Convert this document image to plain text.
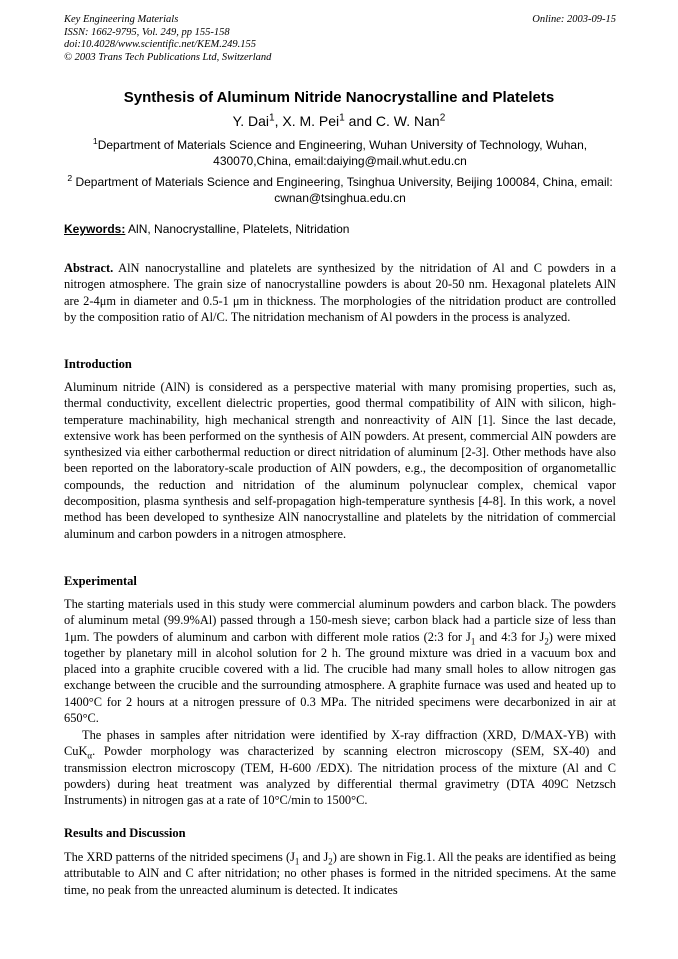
Key Engineering Materials
ISSN: 1662-9795, Vol. 249, pp 155-158
doi:10.4028/www.scientific.net/KEM.249.155
© 2003 Trans Tech Publications Ltd, Switzerland
Online: 2003-09-15
Synthesis of Aluminum Nitride Nanocrystalline and Platelets
Y. Dai$^1$, X. M. Pei$^1$ and C. W. Nan$^2$
$^1$Department of Materials Science and Engineering, Wuhan University of Technology, Wuhan, 430070,China, email:daiying@mail.whut.edu.cn
$^2$ Department of Materials Science and Engineering, Tsinghua University, Beijing 100084, China, email: cwnan@tsinghua.edu.cn
Keywords: AlN, Nanocrystalline, Platelets, Nitridation
Abstract. AlN nanocrystalline and platelets are synthesized by the nitridation of Al and C powders in a nitrogen atmosphere. The grain size of nanocrystalline powders is about 20-50 nm. Hexagonal platelets AlN are 2-4μm in diameter and 0.5-1 μm in thickness. The morphologies of the nitridation product are controlled by the composition ratio of Al/C. The nitridation mechanism of Al powders in the process is analyzed.
Introduction
Aluminum nitride (AlN) is considered as a perspective material with many promising properties, such as, thermal conductivity, excellent dielectric properties, good thermal compatibility of AlN with silicon, high-temperature machinability, high mechanical strength and nonreactivity of AlN [1]. Since the last decade, extensive work has been performed on the synthesis of AlN powders. At present, commercial AlN powders are synthesized via either carbothermal reduction or direct nitridation of aluminum [2-3]. Other methods have also been reported on the laboratory-scale production of AlN powders, e.g., the decomposition of organometallic compounds, the reduction and nitridation of the aluminum polynuclear complex, chemical vapor decomposition, plasma synthesis and self-propagation high-temperature synthesis [4-8]. In this work, a novel method has been developed to synthesize AlN nanocrystalline and platelets by the nitridation of commercial aluminum and carbon powders in a nitrogen atmosphere.
Experimental
The starting materials used in this study were commercial aluminum powders and carbon black. The powders of aluminum metal (99.9%Al) passed through a 150-mesh sieve; carbon black had a particle size of less than 1μm. The powders of aluminum and carbon with different mole ratios (2:3 for $J_1$ and 4:3 for $J_2$) were mixed together by planetary mill in alcohol solution for 2 h. The ground mixture was dried in a vacuum box and placed into a graphite crucible covered with a lid. The crucible had many small holes to allow nitrogen gas exchange between the crucible and the surrounding atmosphere. A graphite furnace was used and heated up to 1400°C for 2 hours at a nitrogen pressure of 0.3 MPa. The nitrided specimens were decarbonized in air at 650°C.
The phases in samples after nitridation were identified by X-ray diffraction (XRD, D/MAX-YB) with CuK$_\alpha$. Powder morphology was characterized by scanning electron microscopy (SEM, SX-40) and transmission electron microscopy (TEM, H-600 /EDX). The nitridation process of the mixture (Al and C powders) during heat treatment was analyzed by differential thermal gravimetry (DTA 409C Netzsch Instruments) in nitrogen gas at a rate of 10°C/min to 1500°C.
Results and Discussion
The XRD patterns of the nitrided specimens ($J_1$ and $J_2$) are shown in Fig.1. All the peaks are identified as being attributable to AlN and C after nitridation; no other phases is formed in the nitrided specimens. At the same time, no peak from the unreacted aluminum is detected. It indicates
